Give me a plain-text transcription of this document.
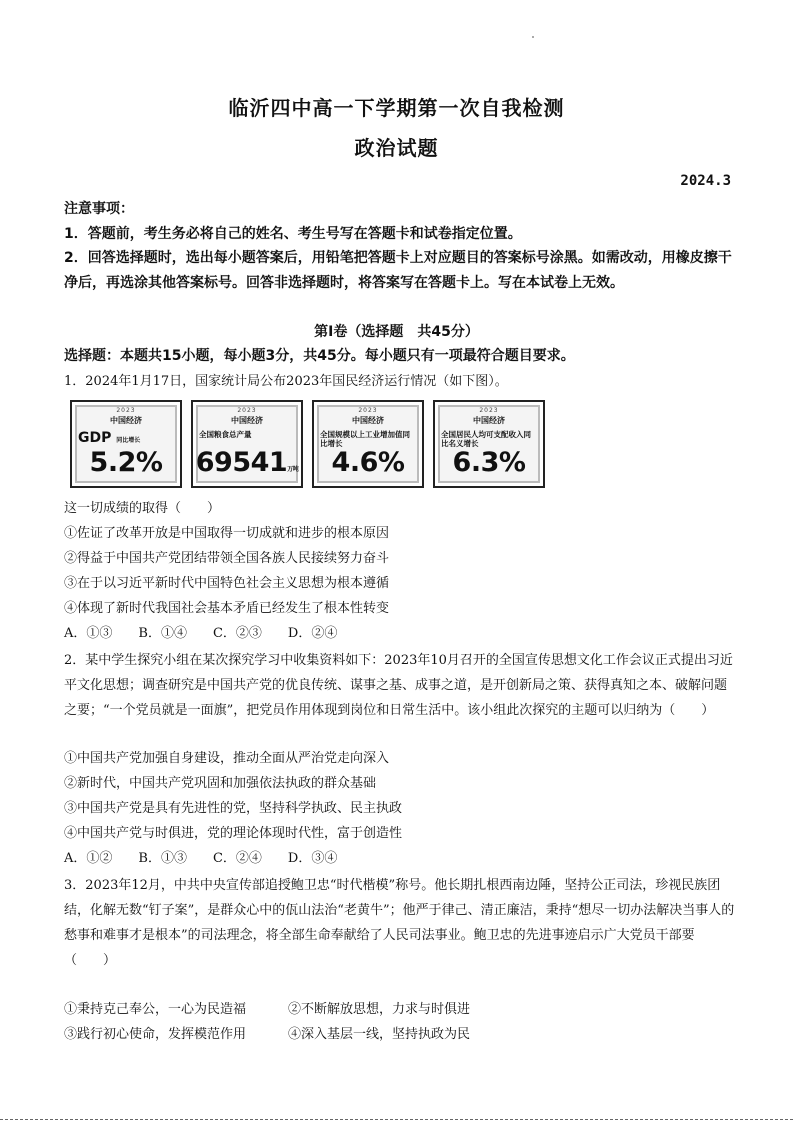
临沂四中高一下学期第一次自我检测
政治试题
2024.3
注意事项：
1．答题前，考生务必将自己的姓名、考生号写在答题卡和试卷指定位置。
2．回答选择题时，选出每小题答案后，用铅笔把答题卡上对应题目的答案标号涂黑。如需改动，用橡皮擦干净后，再选涂其他答案标号。回答非选择题时，将答案写在答题卡上。写在本试卷上无效。
第Ⅰ卷（选择题　共45分）
选择题：本题共15小题，每小题3分，共45分。每小题只有一项最符合题目要求。
1．2024年1月17日，国家统计局公布2023年国民经济运行情况（如下图）。
2023
中国经济
GDP 同比增长
5.2%
2023
中国经济
全国粮食总产量
69541万吨
2023
中国经济
全国规模以上工业增加值同比增长
4.6%
2023
中国经济
全国居民人均可支配收入同比名义增长
6.3%
这一切成绩的取得（　　）
①佐证了改革开放是中国取得一切成就和进步的根本原因
②得益于中国共产党团结带领全国各族人民接续努力奋斗
③在于以习近平新时代中国特色社会主义思想为根本遵循
④体现了新时代我国社会基本矛盾已经发生了根本性转变
A．①③ B．①④ C．②③ D．②④
2．某中学生探究小组在某次探究学习中收集资料如下：2023年10月召开的全国宣传思想文化工作会议正式提出习近平文化思想；调查研究是中国共产党的优良传统、谋事之基、成事之道，是开创新局之策、获得真知之本、破解问题之要；“一个党员就是一面旗”，把党员作用体现到岗位和日常生活中。该小组此次探究的主题可以归纳为（　　）
①中国共产党加强自身建设，推动全面从严治党走向深入
②新时代，中国共产党巩固和加强依法执政的群众基础
③中国共产党是具有先进性的党，坚持科学执政、民主执政
④中国共产党与时俱进，党的理论体现时代性，富于创造性
A．①② B．①③ C．②④ D．③④
3．2023年12月，中共中央宣传部追授鲍卫忠“时代楷模”称号。他长期扎根西南边陲，坚持公正司法，珍视民族团结，化解无数“钉子案”，是群众心中的佤山法治“老黄牛”；他严于律己、清正廉洁，秉持“想尽一切办法解决当事人的愁事和难事才是根本”的司法理念，将全部生命奉献给了人民司法事业。鲍卫忠的先进事迹启示广大党员干部要（　　）
①秉持克己奉公，一心为民造福	②不断解放思想，力求与时俱进
③践行初心使命，发挥模范作用	④深入基层一线，坚持执政为民
